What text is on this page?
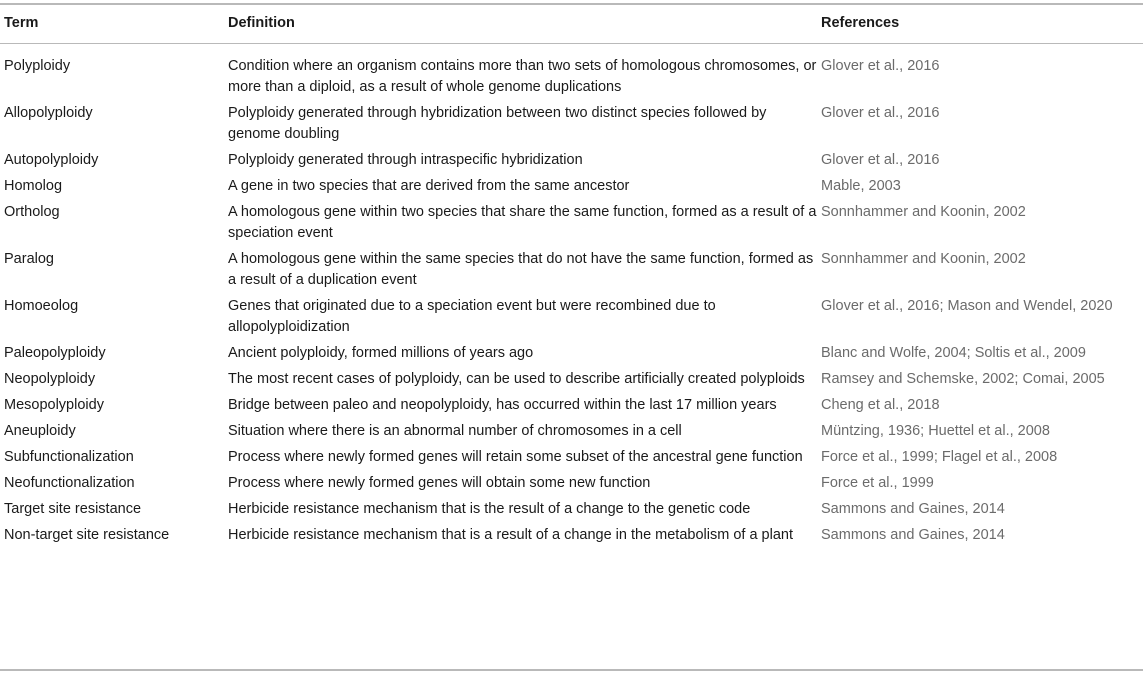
Term	Definition	References
Polyploidy	Condition where an organism contains more than two sets of homologous chromosomes, or more than a diploid, as a result of whole genome duplications	Glover et al., 2016
Allopolyploidy	Polyploidy generated through hybridization between two distinct species followed by genome doubling	Glover et al., 2016
Autopolyploidy	Polyploidy generated through intraspecific hybridization	Glover et al., 2016
Homolog	A gene in two species that are derived from the same ancestor	Mable, 2003
Ortholog	A homologous gene within two species that share the same function, formed as a result of a speciation event	Sonnhammer and Koonin, 2002
Paralog	A homologous gene within the same species that do not have the same function, formed as a result of a duplication event	Sonnhammer and Koonin, 2002
Homoeolog	Genes that originated due to a speciation event but were recombined due to allopolyploidization	Glover et al., 2016; Mason and Wendel, 2020
Paleopolyploidy	Ancient polyploidy, formed millions of years ago	Blanc and Wolfe, 2004; Soltis et al., 2009
Neopolyploidy	The most recent cases of polyploidy, can be used to describe artificially created polyploids	Ramsey and Schemske, 2002; Comai, 2005
Mesopolyploidy	Bridge between paleo and neopolyploidy, has occurred within the last 17 million years	Cheng et al., 2018
Aneuploidy	Situation where there is an abnormal number of chromosomes in a cell	Müntzing, 1936; Huettel et al., 2008
Subfunctionalization	Process where newly formed genes will retain some subset of the ancestral gene function	Force et al., 1999; Flagel et al., 2008
Neofunctionalization	Process where newly formed genes will obtain some new function	Force et al., 1999
Target site resistance	Herbicide resistance mechanism that is the result of a change to the genetic code	Sammons and Gaines, 2014
Non-target site resistance	Herbicide resistance mechanism that is a result of a change in the metabolism of a plant	Sammons and Gaines, 2014
